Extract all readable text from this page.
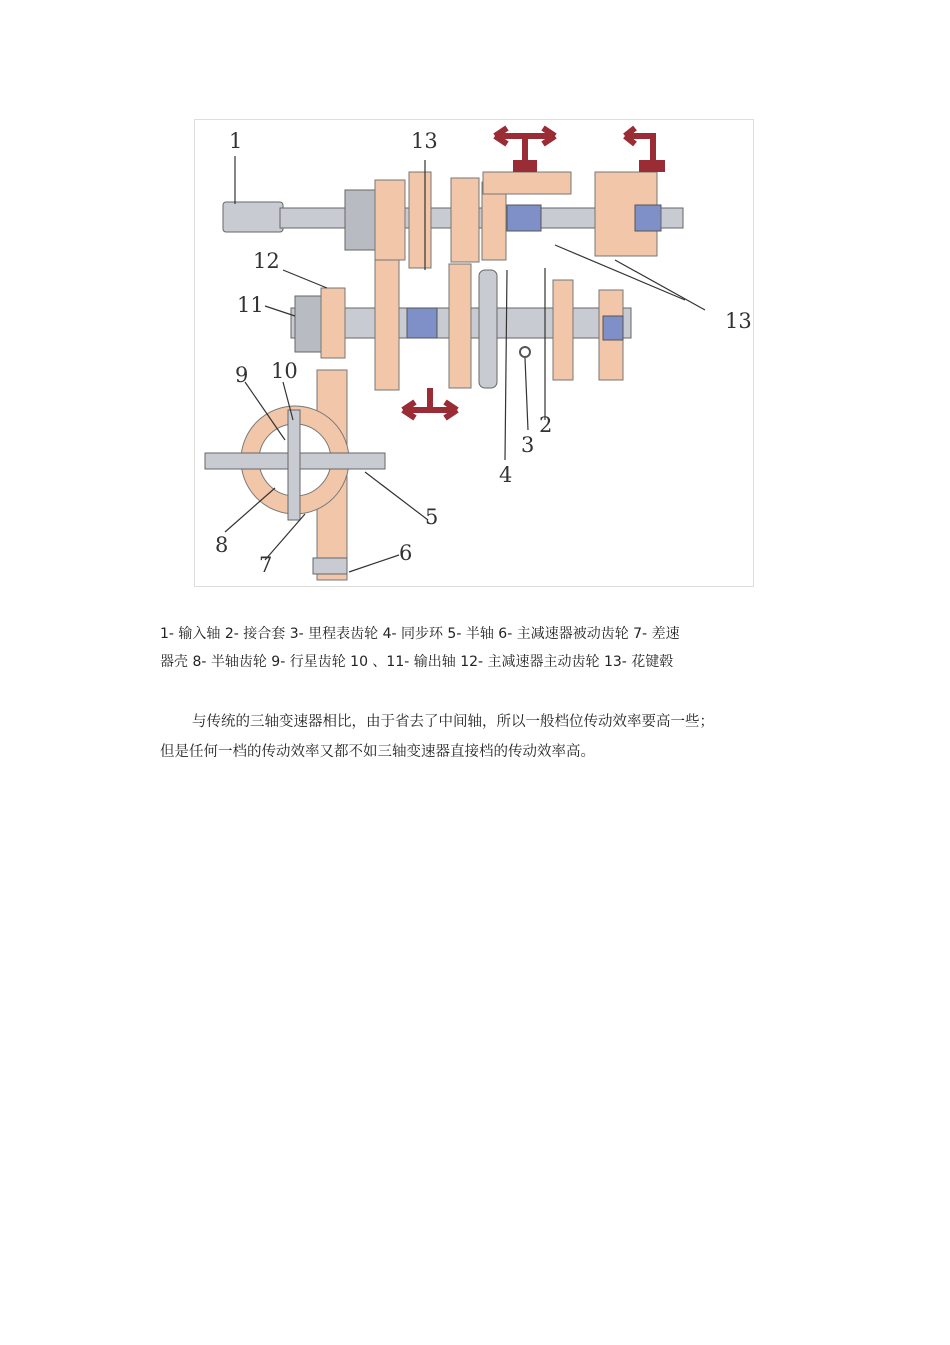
1	13
12
11
13
9 10
4
3
2
5
6
8
7
1- 输入轴 2- 接合套 3- 里程表齿轮 4- 同步环 5- 半轴 6- 主减速器被动齿轮 7- 差速
器壳 8- 半轴齿轮 9- 行星齿轮 10 、11- 输出轴 12- 主减速器主动齿轮 13- 花键毂
与传统的三轴变速器相比，由于省去了中间轴，所以一般档位传动效率要高一些；
但是任何一档的传动效率又都不如三轴变速器直接档的传动效率高。
